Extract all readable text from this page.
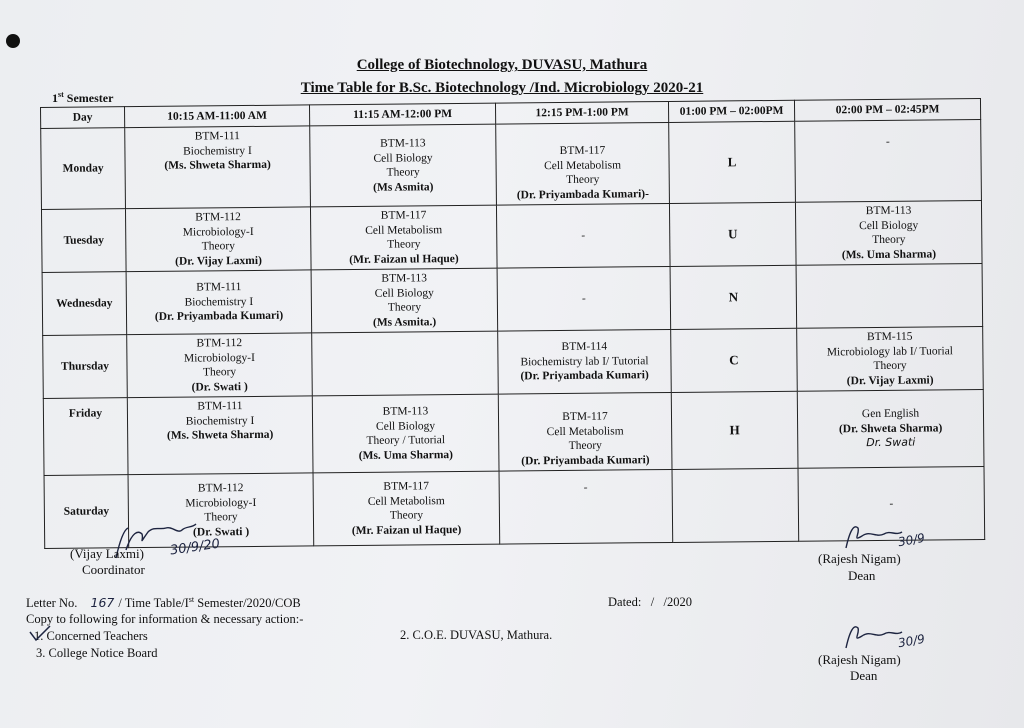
College of Biotechnology, DUVASU, Mathura
Time Table for B.Sc. Biotechnology /Ind. Microbiology 2020-21
1st Semester
Day	10:15 AM-11:00 AM	11:15 AM-12:00 PM	12:15 PM-1:00 PM	01:00 PM – 02:00PM	02:00 PM – 02:45PM
Monday	BTM-111
Biochemistry I
(Ms. Shweta Sharma)	BTM-113
Cell Biology
Theory
(Ms Asmita)	BTM-117
Cell Metabolism
Theory
(Dr. Priyambada Kumari)-	L	-
Tuesday	BTM-112
Microbiology-I
Theory
(Dr. Vijay Laxmi)	BTM-117
Cell Metabolism
Theory
(Mr. Faizan ul Haque)	-	U	BTM-113
Cell Biology
Theory
(Ms. Uma Sharma)

Wednesday	BTM-111
Biochemistry I
(Dr. Priyambada Kumari)	BTM-113
Cell Biology
Theory
(Ms Asmita.)	-	N	
Thursday	BTM-112
Microbiology-I
Theory
(Dr. Swati )		BTM-114
Biochemistry lab I/ Tutorial
(Dr. Priyambada Kumari)	C	BTM-115
Microbiology lab I/ Tuorial
Theory
(Dr. Vijay Laxmi)

Friday	BTM-111
Biochemistry I
(Ms. Shweta Sharma)	BTM-113
Cell Biology
Theory / Tutorial
(Ms. Uma Sharma)	BTM-117
Cell Metabolism
Theory
(Dr. Priyambada Kumari)	H	Gen English
(Dr. Shweta Sharma)
Dr. Swati

Saturday	BTM-112
Microbiology-I
Theory
(Dr. Swati )	BTM-117
Cell Metabolism
Theory
(Mr. Faizan ul Haque)	-		-
30/9/20
(Vijay Laxmi)
Coordinator
30/9
(Rajesh Nigam)
Dean
Letter No. 167 / Time Table/Ist Semester/2020/COB	Dated:   /   /2020
Copy to following for information & necessary action:-
1. Concerned Teachers	2. C.O.E. DUVASU, Mathura.
3. College Notice Board
30/9
(Rajesh Nigam)
Dean
